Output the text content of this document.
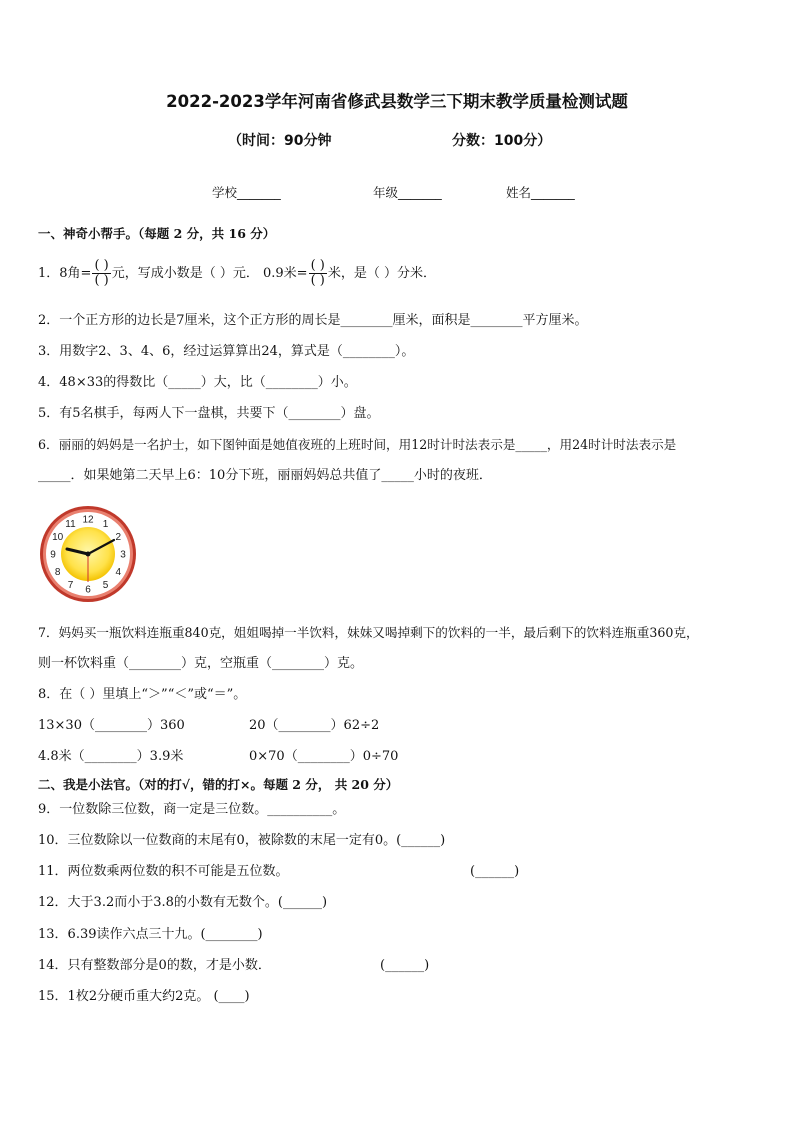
2022-2023学年河南省修武县数学三下期末教学质量检测试题
（时间：90分钟	分数：100分）
学校_______	年级_______	姓名_______
一、神奇小帮手。（每题 2 分，共 16 分）
1．8角= $\frac{( )}{( )}$ 元，写成小数是（ ）元． 0.9米= $\frac{( )}{( )}$ 米，是（ ）分米．
2．一个正方形的边长是7厘米，这个正方形的周长是________厘米，面积是________平方厘米。
3．用数字2、3、4、6，经过运算算出24，算式是（________）。
4．48×33的得数比（_____）大，比（________）小。
5．有5名棋手，每两人下一盘棋，共要下（________）盘。
6．丽丽的妈妈是一名护士，如下图钟面是她值夜班的上班时间，用12时计时法表示是_____，用24时计时法表示是
_____．如果她第二天早上6：10分下班，丽丽妈妈总共值了_____小时的夜班．
12 1
2
3
4
5
6
7
8
9
10
11
7．妈妈买一瓶饮料连瓶重840克，姐姐喝掉一半饮料，妹妹又喝掉剩下的饮料的一半，最后剩下的饮料连瓶重360克，
则一杯饮料重（________）克，空瓶重（________）克。
8．在（ ）里填上“＞”“＜”或“＝”。
13×30（________）360	20（________）62÷2
4.8米（________）3.9米	0×70（________）0÷70
二、我是小法官。（对的打√，错的打×。每题 2 分， 共 20 分）
9．一位数除三位数，商一定是三位数。__________。
10．三位数除以一位数商的末尾有0，被除数的末尾一定有0。(______)
11．两位数乘两位数的积不可能是五位数。	(______)
12．大于3.2而小于3.8的小数有无数个。(______)
13．6.39读作六点三十九。(________)
14．只有整数部分是0的数，才是小数．	(______)
15．1枚2分硬币重大约2克。 (____)
